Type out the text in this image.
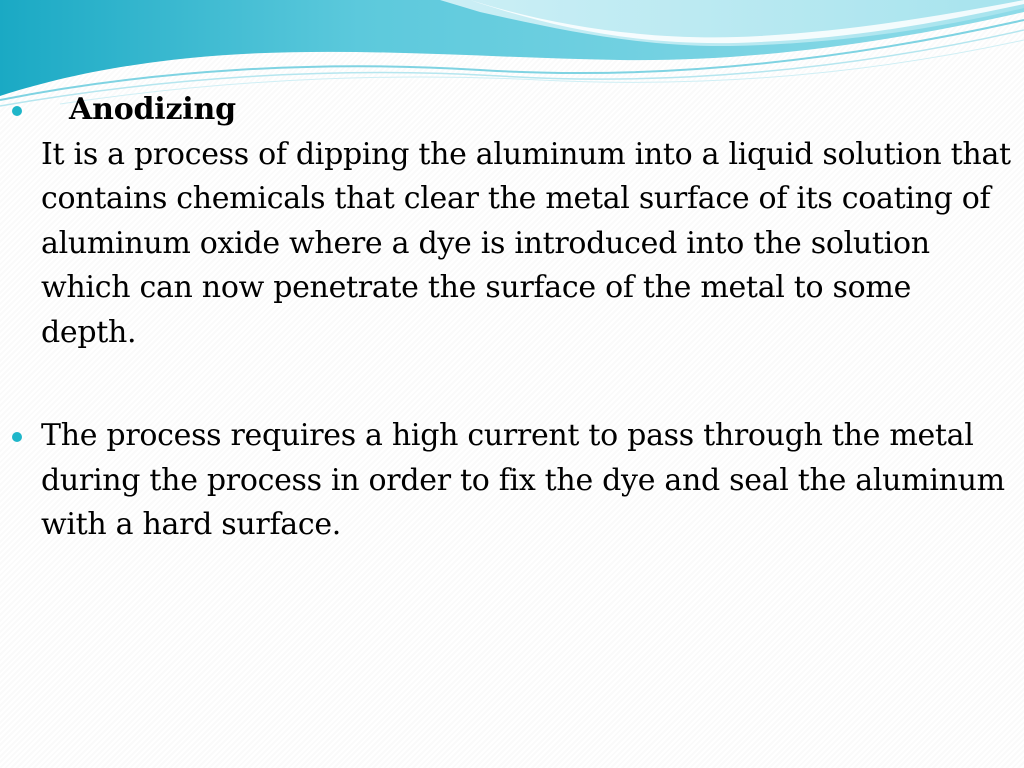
Anodizing
It is a process of dipping the aluminum into a liquid solution that contains chemicals that clear the metal surface of its coating of aluminum oxide where a dye is introduced into the solution which can now penetrate the surface of the metal to some depth.
The process requires a high current to pass through the metal during the process in order to fix the dye and seal the aluminum with a hard surface.
